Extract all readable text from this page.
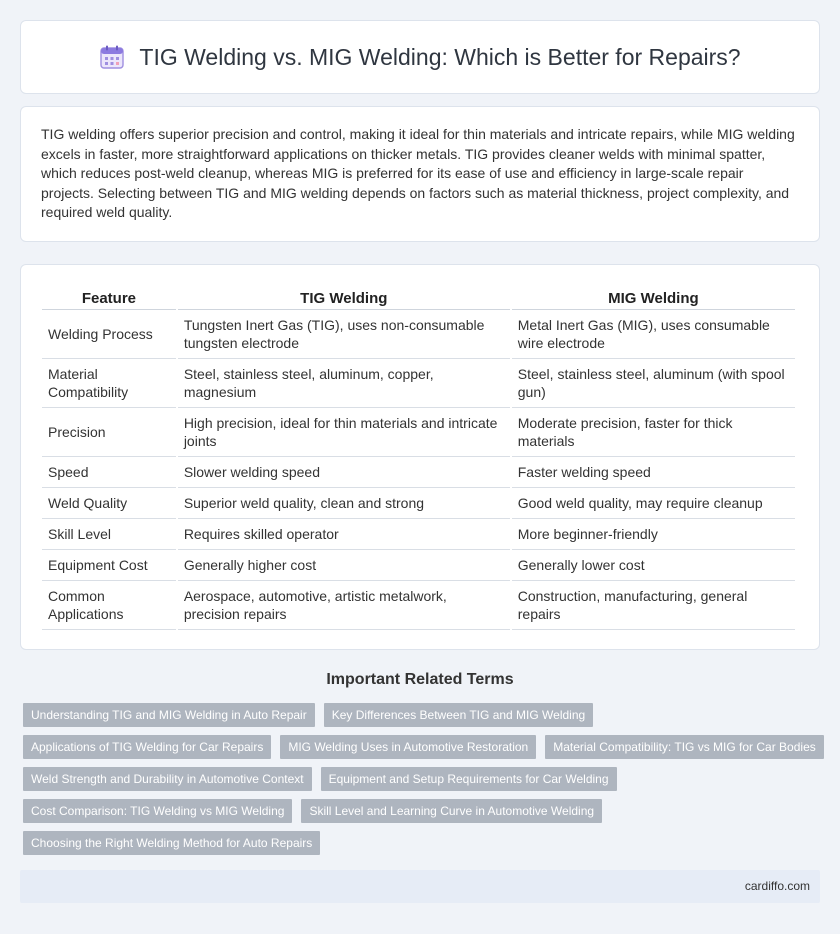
TIG Welding vs. MIG Welding: Which is Better for Repairs?

TIG welding offers superior precision and control, making it ideal for thin materials and intricate repairs, while MIG welding excels in faster, more straightforward applications on thicker metals. TIG provides cleaner welds with minimal spatter, which reduces post-weld cleanup, whereas MIG is preferred for its ease of use and efficiency in large-scale repair projects. Selecting between TIG and MIG welding depends on factors such as material thickness, project complexity, and required weld quality.

Feature	TIG Welding	MIG Welding
Welding Process	Tungsten Inert Gas (TIG), uses non-consumable tungsten electrode	Metal Inert Gas (MIG), uses consumable wire electrode
Material Compatibility	Steel, stainless steel, aluminum, copper, magnesium	Steel, stainless steel, aluminum (with spool gun)
Precision	High precision, ideal for thin materials and intricate joints	Moderate precision, faster for thick materials
Speed	Slower welding speed	Faster welding speed
Weld Quality	Superior weld quality, clean and strong	Good weld quality, may require cleanup
Skill Level	Requires skilled operator	More beginner-friendly
Equipment Cost	Generally higher cost	Generally lower cost
Common Applications	Aerospace, automotive, artistic metalwork, precision repairs	Construction, manufacturing, general repairs
Important Related Terms
Understanding TIG and MIG Welding in Auto Repair	Key Differences Between TIG and MIG Welding
Applications of TIG Welding for Car Repairs	MIG Welding Uses in Automotive Restoration	Material Compatibility: TIG vs MIG for Car Bodies
Weld Strength and Durability in Automotive Context	Equipment and Setup Requirements for Car Welding
Cost Comparison: TIG Welding vs MIG Welding	Skill Level and Learning Curve in Automotive Welding
Choosing the Right Welding Method for Auto Repairs
cardiffo.com
